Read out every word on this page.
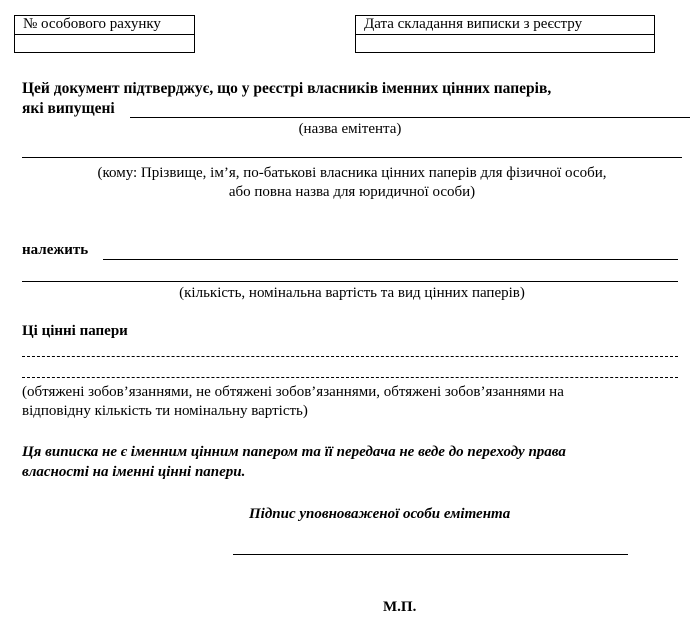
№ особового рахунку	Дата складання виписки з реєстру
Цей документ підтверджує, що у реєстрі власників іменних цінних паперів,
які випущені
(назва емітента)
(кому: Прізвище, ім’я, по-батькові власника цінних паперів для фізичної особи,
або повна назва для юридичної особи)
належить
(кількість, номінальна вартість та вид цінних паперів)
Ці цінні папери
(обтяжені зобов’язаннями, не обтяжені зобов’язаннями, обтяжені зобов’язаннями на
відповідну кількість ти номінальну вартість)
Ця виписка не є іменним цінним папером та її передача не веде до переходу права
власності на іменні цінні папери.
Підпис уповноваженої особи емітента
М.П.
